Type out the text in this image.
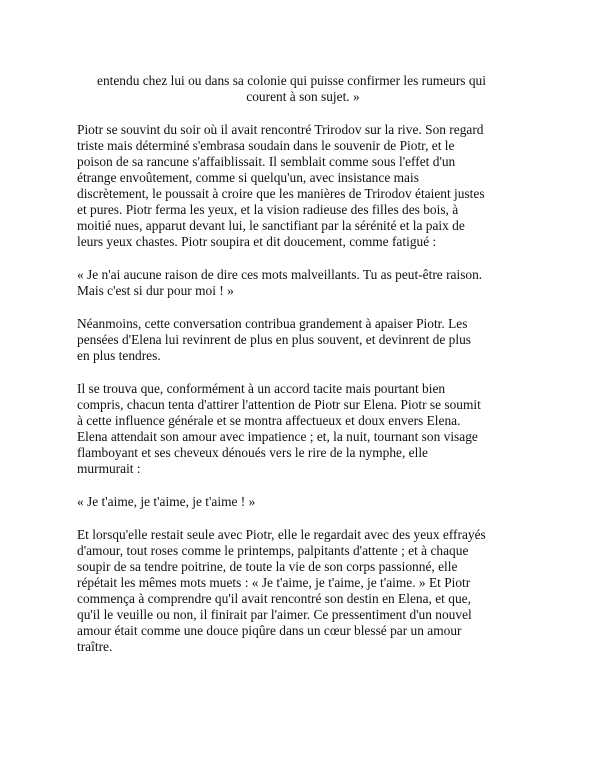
entendu chez lui ou dans sa colonie qui puisse confirmer les rumeurs qui
courent à son sujet. »

Piotr se souvint du soir où il avait rencontré Trirodov sur la rive. Son regard
triste mais déterminé s'embrasa soudain dans le souvenir de Piotr, et le
poison de sa rancune s'affaiblissait. Il semblait comme sous l'effet d'un
étrange envoûtement, comme si quelqu'un, avec insistance mais
discrètement, le poussait à croire que les manières de Trirodov étaient justes
et pures. Piotr ferma les yeux, et la vision radieuse des filles des bois, à
moitié nues, apparut devant lui, le sanctifiant par la sérénité et la paix de
leurs yeux chastes. Piotr soupira et dit doucement, comme fatigué :

« Je n'ai aucune raison de dire ces mots malveillants. Tu as peut-être raison.
Mais c'est si dur pour moi ! »

Néanmoins, cette conversation contribua grandement à apaiser Piotr. Les
pensées d'Elena lui revinrent de plus en plus souvent, et devinrent de plus
en plus tendres.

Il se trouva que, conformément à un accord tacite mais pourtant bien
compris, chacun tenta d'attirer l'attention de Piotr sur Elena. Piotr se soumit
à cette influence générale et se montra affectueux et doux envers Elena.
Elena attendait son amour avec impatience ; et, la nuit, tournant son visage
flamboyant et ses cheveux dénoués vers le rire de la nymphe, elle
murmurait :

« Je t'aime, je t'aime, je t'aime ! »

Et lorsqu'elle restait seule avec Piotr, elle le regardait avec des yeux effrayés
d'amour, tout roses comme le printemps, palpitants d'attente ; et à chaque
soupir de sa tendre poitrine, de toute la vie de son corps passionné, elle
répétait les mêmes mots muets : « Je t'aime, je t'aime, je t'aime. » Et Piotr
commença à comprendre qu'il avait rencontré son destin en Elena, et que,
qu'il le veuille ou non, il finirait par l'aimer. Ce pressentiment d'un nouvel
amour était comme une douce piqûre dans un cœur blessé par un amour
traître.
